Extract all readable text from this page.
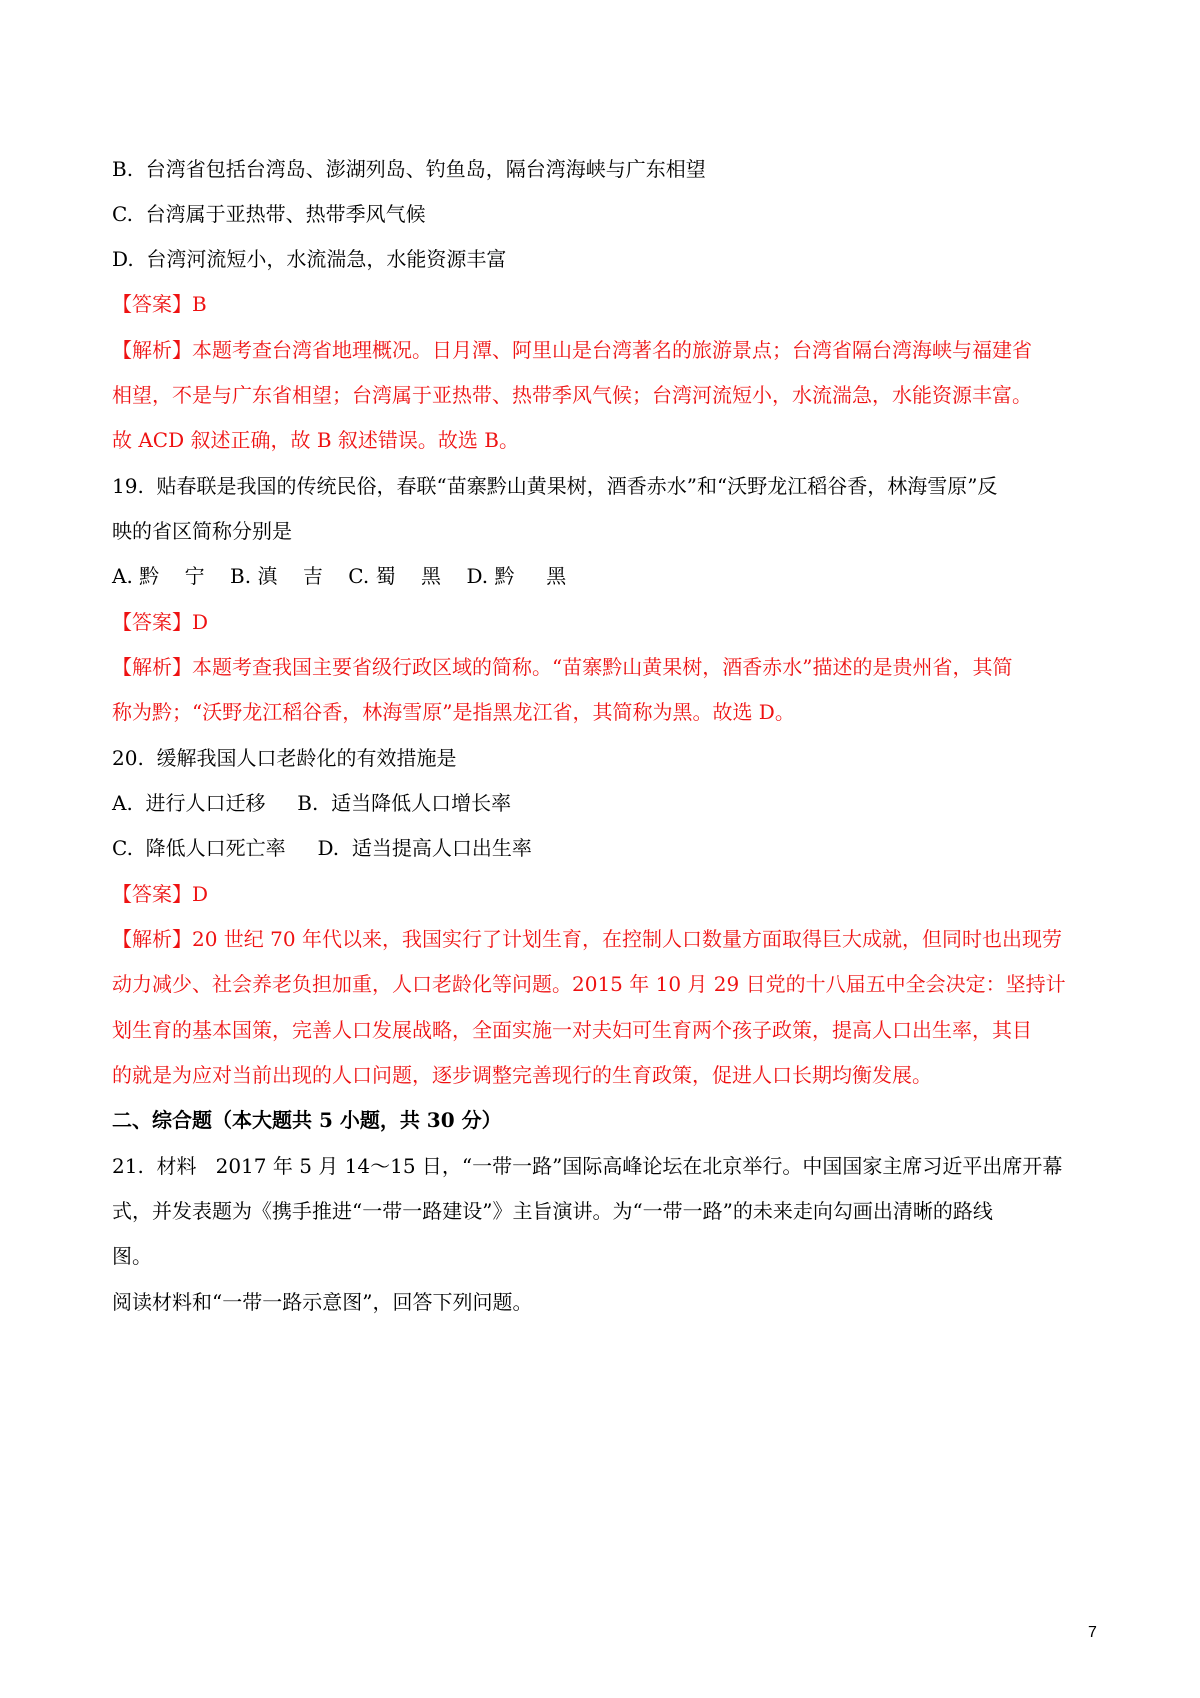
B.  台湾省包括台湾岛、澎湖列岛、钓鱼岛，隔台湾海峡与广东相望
C.  台湾属于亚热带、热带季风气候
D.  台湾河流短小，水流湍急，水能资源丰富
【答案】B
【解析】本题考查台湾省地理概况。日月潭、阿里山是台湾著名的旅游景点；台湾省隔台湾海峡与福建省
相望，不是与广东省相望；台湾属于亚热带、热带季风气候；台湾河流短小，水流湍急，水能资源丰富。
故 ACD 叙述正确，故 B 叙述错误。故选 B。
19.  贴春联是我国的传统民俗，春联“苗寨黔山黄果树，酒香赤水”和“沃野龙江稻谷香，林海雪原”反
映的省区简称分别是
A. 黔    宁    B. 滇    吉    C. 蜀    黑    D. 黔     黑
【答案】D
【解析】本题考查我国主要省级行政区域的简称。“苗寨黔山黄果树，酒香赤水”描述的是贵州省，其简
称为黔；“沃野龙江稻谷香，林海雪原”是指黑龙江省，其简称为黑。故选 D。
20.  缓解我国人口老龄化的有效措施是
A.  进行人口迁移     B.  适当降低人口增长率
C.  降低人口死亡率     D.  适当提高人口出生率
【答案】D
【解析】20 世纪 70 年代以来，我国实行了计划生育，在控制人口数量方面取得巨大成就，但同时也出现劳
动力减少、社会养老负担加重，人口老龄化等问题。2015 年 10 月 29 日党的十八届五中全会决定：坚持计
划生育的基本国策，完善人口发展战略，全面实施一对夫妇可生育两个孩子政策，提高人口出生率，其目
的就是为应对当前出现的人口问题，逐步调整完善现行的生育政策，促进人口长期均衡发展。
二、综合题（本大题共 5 小题，共 30 分）
21.  材料   2017 年 5 月 14～15 日，“一带一路”国际高峰论坛在北京举行。中国国家主席习近平出席开幕
式，并发表题为《携手推进“一带一路建设”》主旨演讲。为“一带一路”的未来走向勾画出清晰的路线
图。
阅读材料和“一带一路示意图”，回答下列问题。
7
